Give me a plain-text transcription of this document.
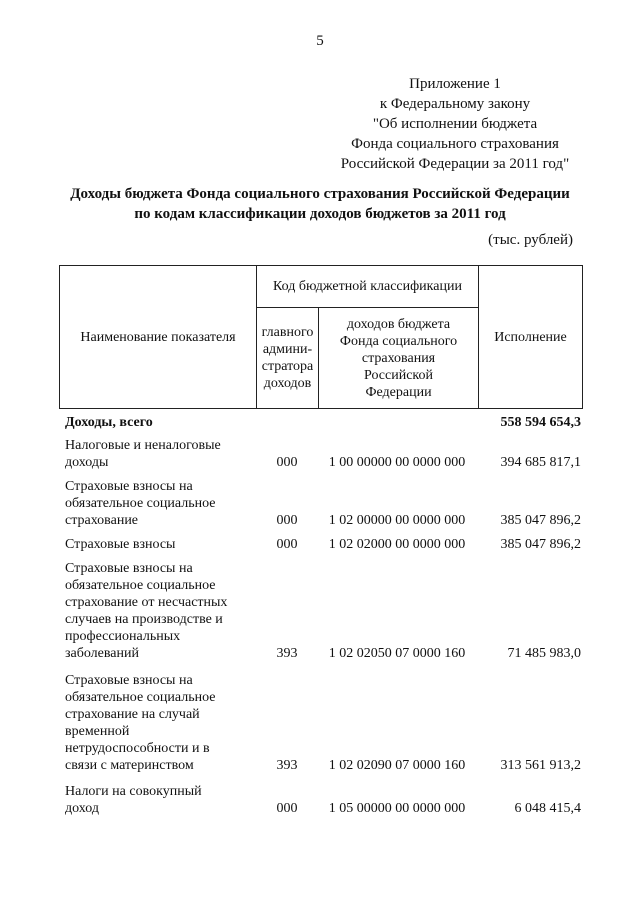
5
Приложение 1
к Федеральному закону
"Об исполнении бюджета
Фонда социального страхования
Российской Федерации за 2011 год"
Доходы бюджета Фонда социального страхования Российской Федерации
по кодам классификации доходов бюджетов за 2011 год
(тыс. рублей)
Наименование показателя
Код бюджетной классификации
главного
админи-
стратора
доходов
доходов бюджета
Фонда социального
страхования
Российской
Федерации
Исполнение
Доходы, всего	558 594 654,3
Налоговые и неналоговые
доходы	000	1 00 00000 00 0000 000	394 685 817,1
Страховые взносы на
обязательное социальное
страхование	000	1 02 00000 00 0000 000	385 047 896,2
Страховые взносы	000	1 02 02000 00 0000 000	385 047 896,2
Страховые взносы на
обязательное социальное
страхование от несчастных
случаев на производстве и
профессиональных
заболеваний	393	1 02 02050 07 0000 160	71 485 983,0
Страховые взносы на
обязательное социальное
страхование на случай
временной
нетрудоспособности и в
связи с материнством	393	1 02 02090 07 0000 160	313 561 913,2
Налоги на совокупный
доход	000	1 05 00000 00 0000 000	6 048 415,4
